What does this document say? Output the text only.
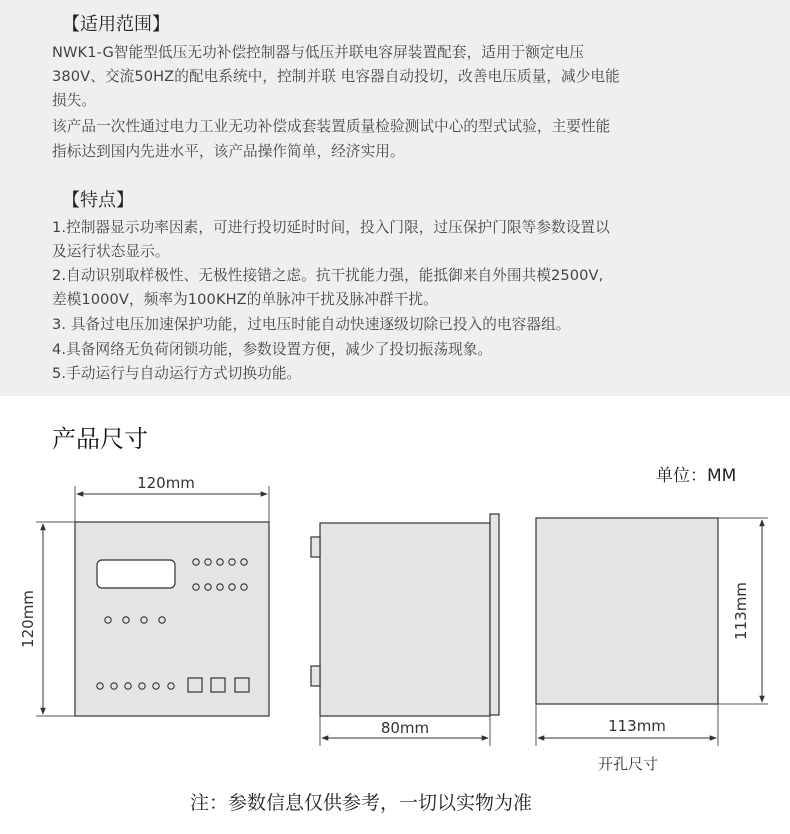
【适用范围】
NWK1-G智能型低压无功补偿控制器与低压并联电容屏装置配套，适用于额定电压
380V、交流50HZ的配电系统中，控制并联 电容器自动投切，改善电压质量，减少电能
损失。
该产品一次性通过电力工业无功补偿成套装置质量检验测试中心的型式试验，主要性能
指标达到国内先进水平，该产品操作简单，经济实用。
【特点】
1.控制器显示功率因素，可进行投切延时时间，投入门限，过压保护门限等参数设置以
及运行状态显示。
2.自动识别取样极性、无极性接错之虑。抗干扰能力强，能抵御来自外围共模2500V,
差模1000V，频率为100KHZ的单脉冲干扰及脉冲群干扰。
3. 具备过电压加速保护功能，过电压时能自动快速逐级切除已投入的电容器组。
4.具备网络无负荷闭锁功能，参数设置方便，减少了投切振荡现象。
5.手动运行与自动运行方式切换功能。
产品尺寸
单位：MM
120mm
120mm
80mm	113mm
113mm
开孔尺寸
注：参数信息仅供参考，一切以实物为准
